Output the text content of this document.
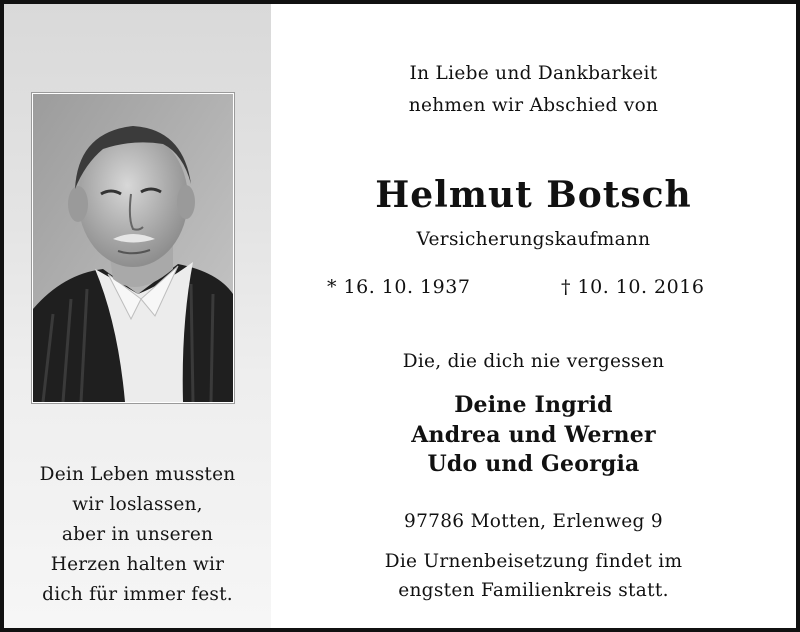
Dein Leben mussten
wir loslassen,
aber in unseren
Herzen halten wir
dich für immer fest.
In Liebe und Dankbarkeit
nehmen wir Abschied von
Helmut Botsch
Versicherungskaufmann
* 16. 10. 1937	† 10. 10. 2016
Die, die dich nie vergessen
Deine Ingrid
Andrea und Werner
Udo und Georgia
97786 Motten, Erlenweg 9
Die Urnenbeisetzung findet im
engsten Familienkreis statt.
